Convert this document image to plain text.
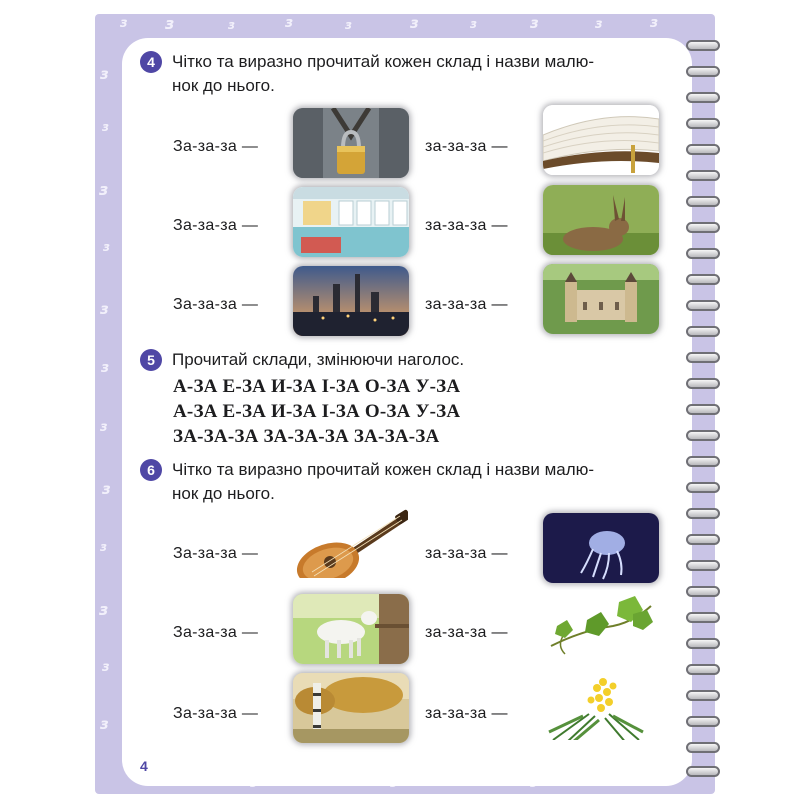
з з	з	з	з	з	з	з	з	з
з
з
з
з
з
з
з
з
з
з
з
з
4	Чітко та виразно прочитай кожен склад і назви малю-
нок до нього.
За-за-за —	за-за-за —
За-за-за —	за-за-за —
За-за-за —	за-за-за —
5	Прочитай склади, змінюючи наголос.
А-ЗА Е-ЗА И-ЗА І-ЗА О-ЗА У-ЗА
А-ЗА Е-ЗА И-ЗА І-ЗА О-ЗА У-ЗА
ЗА-ЗА-ЗА ЗА-ЗА-ЗА ЗА-ЗА-ЗА
6	Чітко та виразно прочитай кожен склад і назви малю-
нок до нього.
За-за-за —	за-за-за —
За-за-за —	за-за-за —
За-за-за —	за-за-за —
4
